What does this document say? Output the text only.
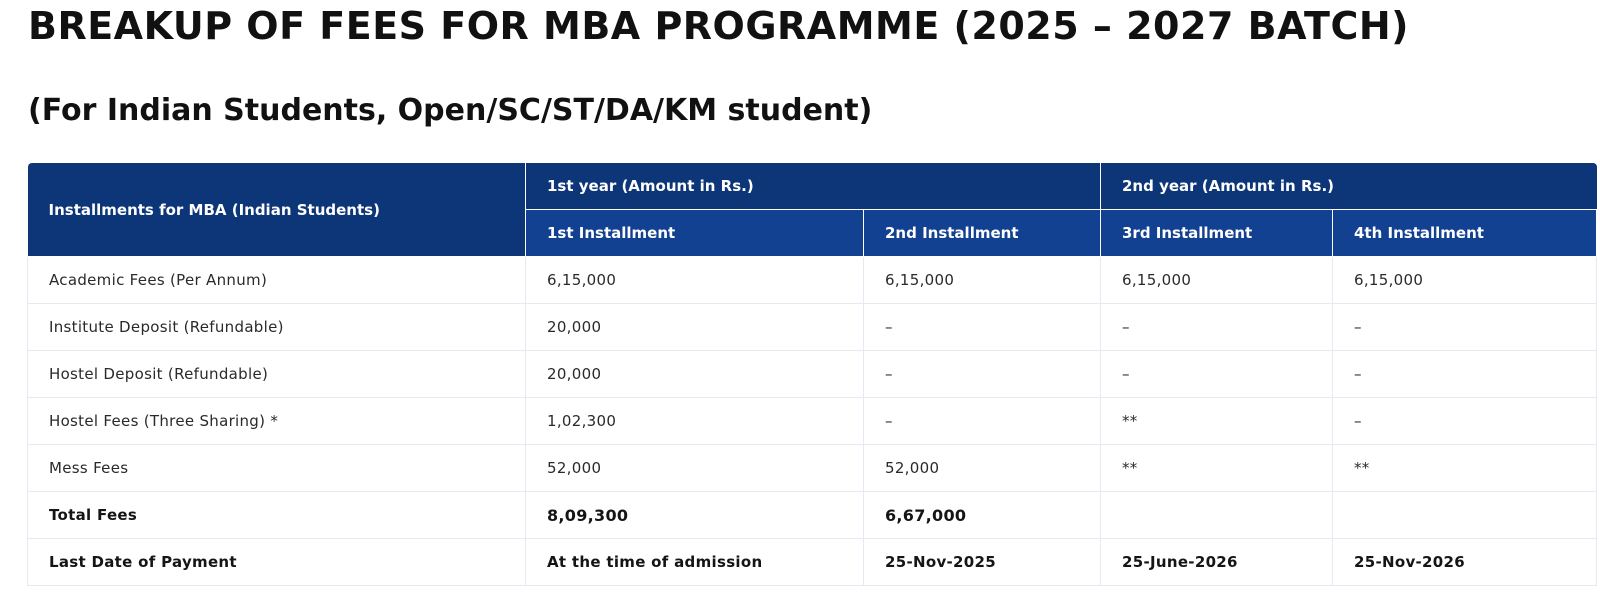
BREAKUP OF FEES FOR MBA PROGRAMME (2025 – 2027 BATCH)
(For Indian Students, Open/SC/ST/DA/KM student)
Installments for MBA (Indian Students)	1st year (Amount in Rs.)		2nd year (Amount in Rs.)	
	1st Installment	2nd Installment	3rd Installment	4th Installment
Academic Fees (Per Annum)	6,15,000	6,15,000	6,15,000	6,15,000
Institute Deposit (Refundable)	20,000	–	–	–
Hostel Deposit (Refundable)	20,000	–	–	–
Hostel Fees (Three Sharing) *	1,02,300	–	**	–
Mess Fees	52,000	52,000	**	**
Total Fees	8,09,300	6,67,000		
Last Date of Payment	At the time of admission	25-Nov-2025	25-June-2026	25-Nov-2026
